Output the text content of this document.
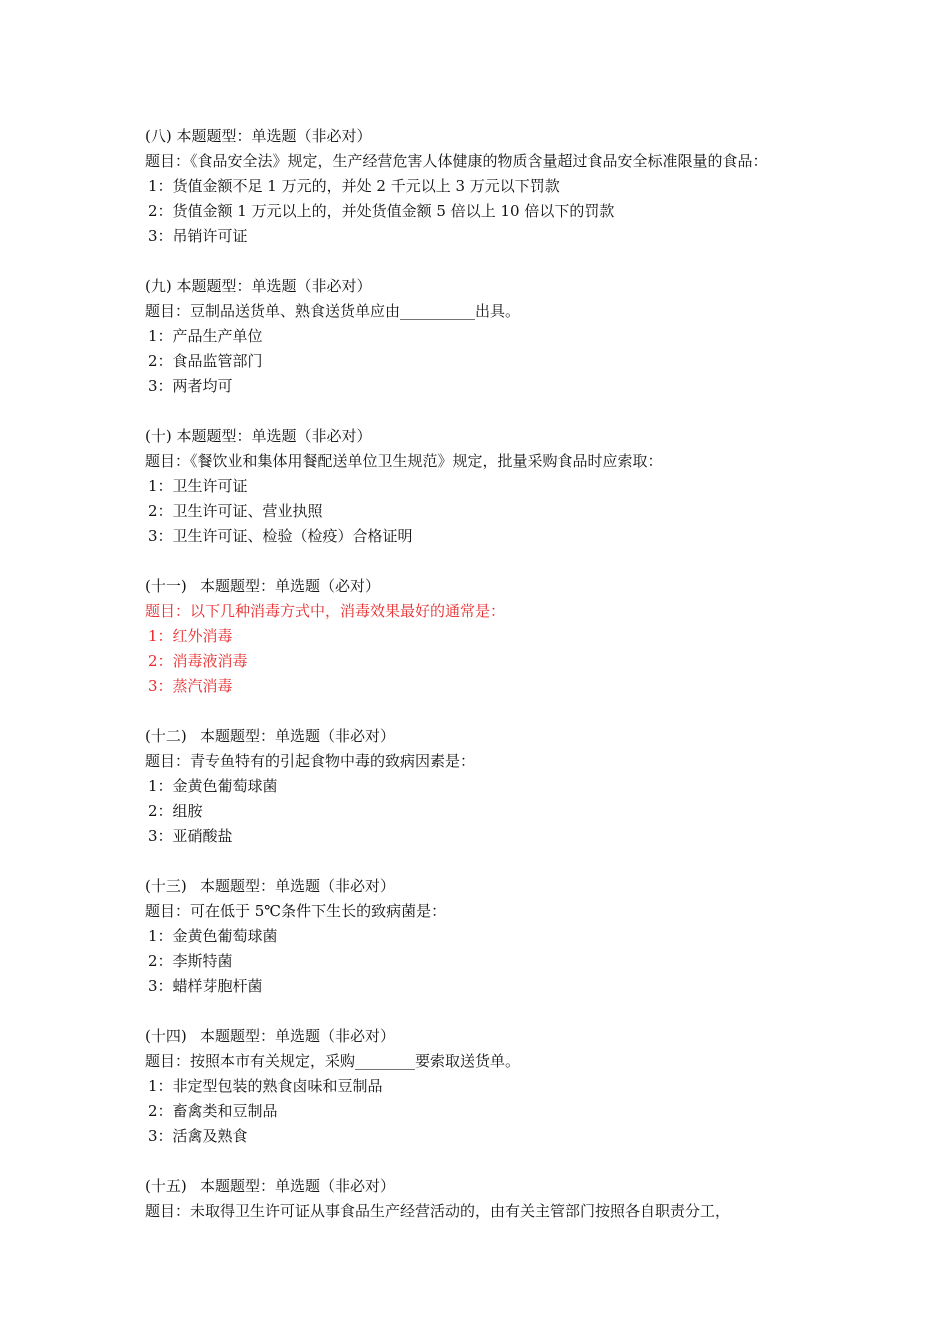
(八) 本题题型：单选题（非必对）
题目：《食品安全法》规定，生产经营危害人体健康的物质含量超过食品安全标准限量的食品：
1：货值金额不足 1 万元的，并处 2 千元以上 3 万元以下罚款
2：货值金额 1 万元以上的，并处货值金额 5 倍以上 10 倍以下的罚款
3：吊销许可证
(九) 本题题型：单选题（非必对）
题目：豆制品送货单、熟食送货单应由__________出具。
1：产品生产单位
2：食品监管部门
3：两者均可
(十) 本题题型：单选题（非必对）
题目：《餐饮业和集体用餐配送单位卫生规范》规定，批量采购食品时应索取：
1：卫生许可证
2：卫生许可证、营业执照
3：卫生许可证、检验（检疫）合格证明
(十一) 本题题型：单选题（必对）
题目：以下几种消毒方式中，消毒效果最好的通常是：
1：红外消毒
2：消毒液消毒
3：蒸汽消毒
(十二) 本题题型：单选题（非必对）
题目：青专鱼特有的引起食物中毒的致病因素是：
1：金黄色葡萄球菌
2：组胺
3：亚硝酸盐
(十三) 本题题型：单选题（非必对）
题目：可在低于 5℃条件下生长的致病菌是：
1：金黄色葡萄球菌
2：李斯特菌
3：蜡样芽胞杆菌
(十四) 本题题型：单选题（非必对）
题目：按照本市有关规定，采购________要索取送货单。
1：非定型包装的熟食卤味和豆制品
2：畜禽类和豆制品
3：活禽及熟食
(十五) 本题题型：单选题（非必对）
题目：未取得卫生许可证从事食品生产经营活动的，由有关主管部门按照各自职责分工，
